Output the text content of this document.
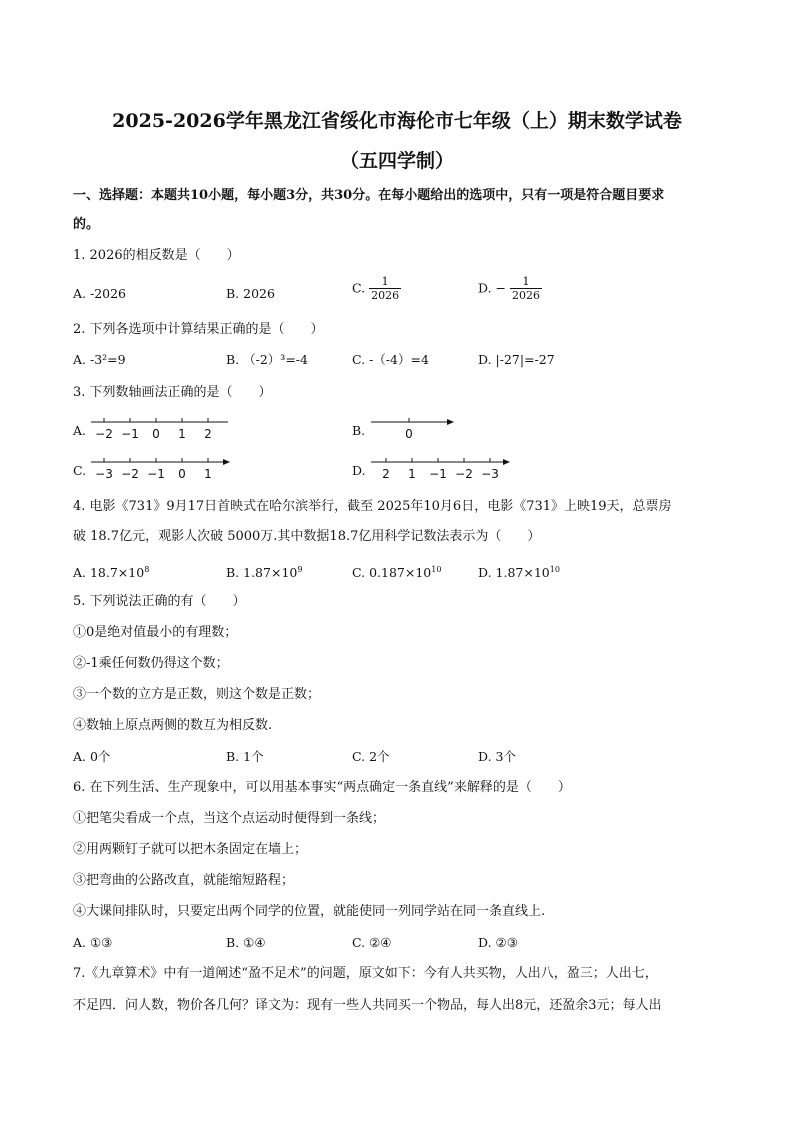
2025-2026学年黑龙江省绥化市海伦市七年级（上）期末数学试卷
（五四学制）
一、选择题：本题共10小题，每小题3分，共30分。在每小题给出的选项中，只有一项是符合题目要求
的。
1. 2026的相反数是（　　）
A. -2026	B. 2026	C. $\frac{1}{2026}$	D. − $\frac{1}{2026}$
2. 下列各选项中计算结果正确的是（　　）
A. -3²=9	B. （-2）³=-4	C. -（-4）=4	D. |-27|=-27
3. 下列数轴画法正确的是（　　）
A. −2 −1 0 1 2	B.	0
C. −3 −2 −1 0 1	D. 2 1 −1 −2 −3
4. 电影《731》9月17日首映式在哈尔滨举行，截至 2025年10月6日，电影《731》上映19天，总票房
破 18.7亿元，观影人次破 5000万.其中数据18.7亿用科学记数法表示为（　　）
A. $18.7\times 10^8$	B. $1.87\times 10^9$	C. $0.187\times 10^{10}$	D. $1.87\times 10^{10}$
5. 下列说法正确的有（　　）
①0是绝对值最小的有理数；
②-1乘任何数仍得这个数；
③一个数的立方是正数，则这个数是正数；
④数轴上原点两侧的数互为相反数.
A. 0个	B. 1个	C. 2个	D. 3个
6. 在下列生活、生产现象中，可以用基本事实“两点确定一条直线”来解释的是（　　）
①把笔尖看成一个点，当这个点运动时便得到一条线；
②用两颗钉子就可以把木条固定在墙上；
③把弯曲的公路改直，就能缩短路程；
④大课间排队时，只要定出两个同学的位置，就能使同一列同学站在同一条直线上.
A. ①③	B. ①④	C. ②④	D. ②③
7.《九章算术》中有一道阐述“盈不足术”的问题，原文如下：今有人共买物，人出八，盈三；人出七，
不足四．问人数，物价各几何？译文为：现有一些人共同买一个物品，每人出8元，还盈余3元；每人出
